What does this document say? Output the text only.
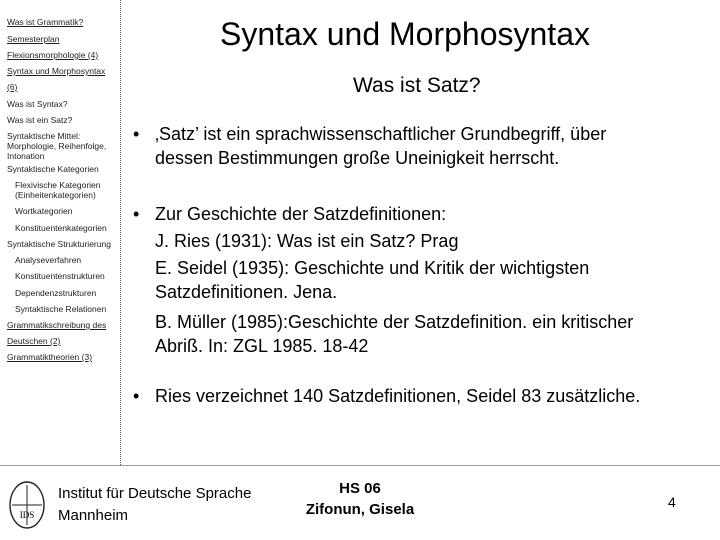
Was ist Grammatik?
Semesterplan
Flexionsmorphologie (4)
Syntax und Morphosyntax
(6)
Was ist Syntax?
Was ist ein Satz?
Syntaktische Mittel: Morphologie, Reihenfolge, Intonation
Syntaktische Kategorien
Flexivische Kategorien (Einheitenkategorien)
Wortkategorien
Konstituentenkategorien
Syntaktische Strukturierung
Analyseverfahren
Konstituentenstrukturen
Dependenzstrukturen
Syntaktische Relationen
Grammatikschreibung des
Deutschen (2)
Grammatiktheorien (3)
Syntax und Morphosyntax
Was ist Satz?
• ‚Satz’ ist ein sprachwissenschaftlicher Grundbegriff, über
dessen Bestimmungen große Uneinigkeit herrscht.
• Zur Geschichte der Satzdefinitionen:
J. Ries (1931): Was ist ein Satz? Prag
E. Seidel (1935): Geschichte und Kritik der wichtigsten
Satzdefinitionen. Jena.
B. Müller (1985):Geschichte der Satzdefinition. ein kritischer
Abriß. In: ZGL 1985. 18-42
• Ries verzeichnet 140 Satzdefinitionen, Seidel 83 zusätzliche.
IDS
Institut für Deutsche Sprache
Mannheim
HS 06
Zifonun, Gisela	4
